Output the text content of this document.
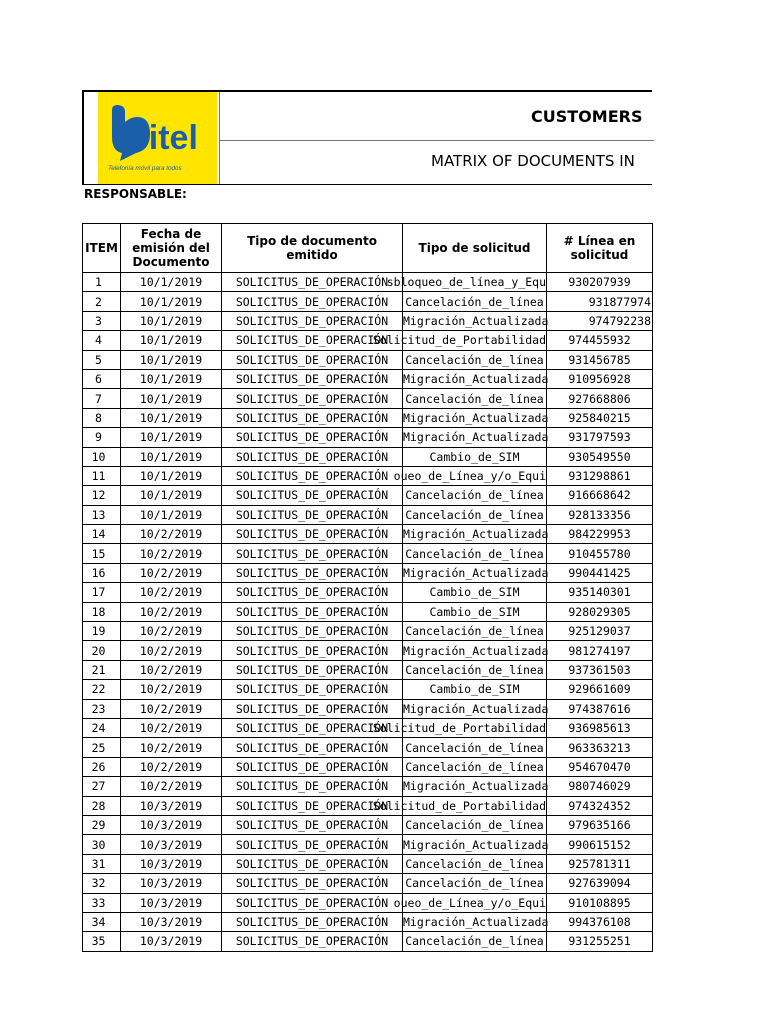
bitel
Telefonía móvil para todos
CUSTOMERS
MATRIX OF DOCUMENTS IN
RESPONSABLE:
ITEM	Fecha de emisión del Documento	Tipo de documento emitido	Tipo de solicitud	# Línea en solicitud
1	10/1/2019	SOLICITUS_DE_OPERACIÓN	sbloqueo_de_línea_y_Equ	930207939
2	10/1/2019	SOLICITUS_DE_OPERACIÓN	Cancelación_de_línea	931877974
3	10/1/2019	SOLICITUS_DE_OPERACIÓN	Migración_Actualizada	974792238
4	10/1/2019	SOLICITUS_DE_OPERACIÓN	Solicitud_de_Portabilidad	974455932
5	10/1/2019	SOLICITUS_DE_OPERACIÓN	Cancelación_de_línea	931456785
6	10/1/2019	SOLICITUS_DE_OPERACIÓN	Migración_Actualizada	910956928
7	10/1/2019	SOLICITUS_DE_OPERACIÓN	Cancelación_de_línea	927668806
8	10/1/2019	SOLICITUS_DE_OPERACIÓN	Migración_Actualizada	925840215
9	10/1/2019	SOLICITUS_DE_OPERACIÓN	Migración_Actualizada	931797593
10	10/1/2019	SOLICITUS_DE_OPERACIÓN	Cambio_de_SIM	930549550
11	10/1/2019	SOLICITUS_DE_OPERACIÓN	oueo_de_Línea_y/o_Equi	931298861
12	10/1/2019	SOLICITUS_DE_OPERACIÓN	Cancelación_de_línea	916668642
13	10/1/2019	SOLICITUS_DE_OPERACIÓN	Cancelación_de_línea	928133356
14	10/2/2019	SOLICITUS_DE_OPERACIÓN	Migración_Actualizada	984229953
15	10/2/2019	SOLICITUS_DE_OPERACIÓN	Cancelación_de_línea	910455780
16	10/2/2019	SOLICITUS_DE_OPERACIÓN	Migración_Actualizada	990441425
17	10/2/2019	SOLICITUS_DE_OPERACIÓN	Cambio_de_SIM	935140301
18	10/2/2019	SOLICITUS_DE_OPERACIÓN	Cambio_de_SIM	928029305
19	10/2/2019	SOLICITUS_DE_OPERACIÓN	Cancelación_de_línea	925129037
20	10/2/2019	SOLICITUS_DE_OPERACIÓN	Migración_Actualizada	981274197
21	10/2/2019	SOLICITUS_DE_OPERACIÓN	Cancelación_de_línea	937361503
22	10/2/2019	SOLICITUS_DE_OPERACIÓN	Cambio_de_SIM	929661609
23	10/2/2019	SOLICITUS_DE_OPERACIÓN	Migración_Actualizada	974387616
24	10/2/2019	SOLICITUS_DE_OPERACIÓN	Solicitud_de_Portabilidad	936985613
25	10/2/2019	SOLICITUS_DE_OPERACIÓN	Cancelación_de_línea	963363213
26	10/2/2019	SOLICITUS_DE_OPERACIÓN	Cancelación_de_línea	954670470
27	10/2/2019	SOLICITUS_DE_OPERACIÓN	Migración_Actualizada	980746029
28	10/3/2019	SOLICITUS_DE_OPERACIÓN	Solicitud_de_Portabilidad	974324352
29	10/3/2019	SOLICITUS_DE_OPERACIÓN	Cancelación_de_línea	979635166
30	10/3/2019	SOLICITUS_DE_OPERACIÓN	Migración_Actualizada	990615152
31	10/3/2019	SOLICITUS_DE_OPERACIÓN	Cancelación_de_línea	925781311
32	10/3/2019	SOLICITUS_DE_OPERACIÓN	Cancelación_de_línea	927639094
33	10/3/2019	SOLICITUS_DE_OPERACIÓN	oueo_de_Línea_y/o_Equi	910108895
34	10/3/2019	SOLICITUS_DE_OPERACIÓN	Migración_Actualizada	994376108
35	10/3/2019	SOLICITUS_DE_OPERACIÓN	Cancelación_de_línea	931255251
